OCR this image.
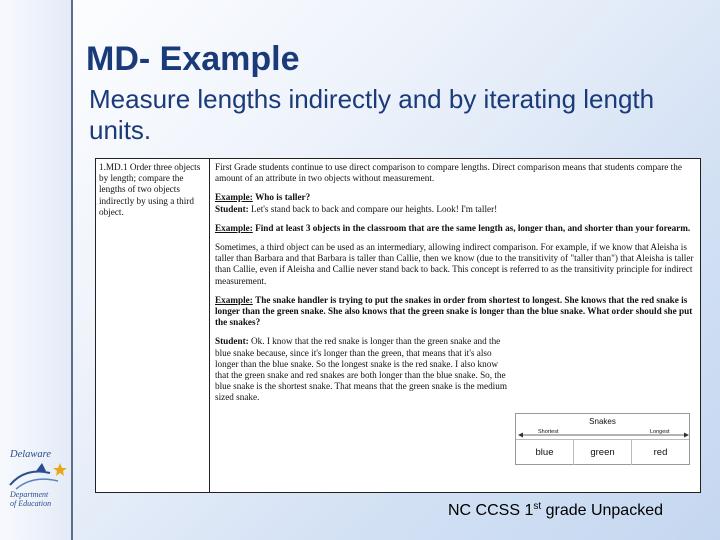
MD- Example
Measure lengths indirectly and by iterating length units.
1.MD.1 Order three objects by length; compare the lengths of two objects indirectly by using a third object.

First Grade students continue to use direct comparison to compare lengths. Direct comparison means that students compare the amount of an attribute in two objects without measurement.

Example: Who is taller?
Student: Let's stand back to back and compare our heights. Look! I'm taller!

Example: Find at least 3 objects in the classroom that are the same length as, longer than, and shorter than your forearm.

Sometimes, a third object can be used as an intermediary, allowing indirect comparison. For example, if we know that Aleisha is taller than Barbara and that Barbara is taller than Callie, then we know (due to the transitivity of "taller than") that Aleisha is taller than Callie, even if Aleisha and Callie never stand back to back. This concept is referred to as the transitivity principle for indirect measurement.

Example: The snake handler is trying to put the snakes in order from shortest to longest. She knows that the red snake is longer than the green snake. She also knows that the green snake is longer than the blue snake. What order should she put the snakes?

Student: Ok. I know that the red snake is longer than the green snake and the blue snake because, since it's longer than the green, that means that it's also longer than the blue snake. So the longest snake is the red snake. I also know that the green snake and red snakes are both longer than the blue snake. So, the blue snake is the shortest snake. That means that the green snake is the medium sized snake.

Snakes
Shortest	Longest
blue	green	red
Delaware
Department
of Education	NC CCSS 1st grade Unpacked
